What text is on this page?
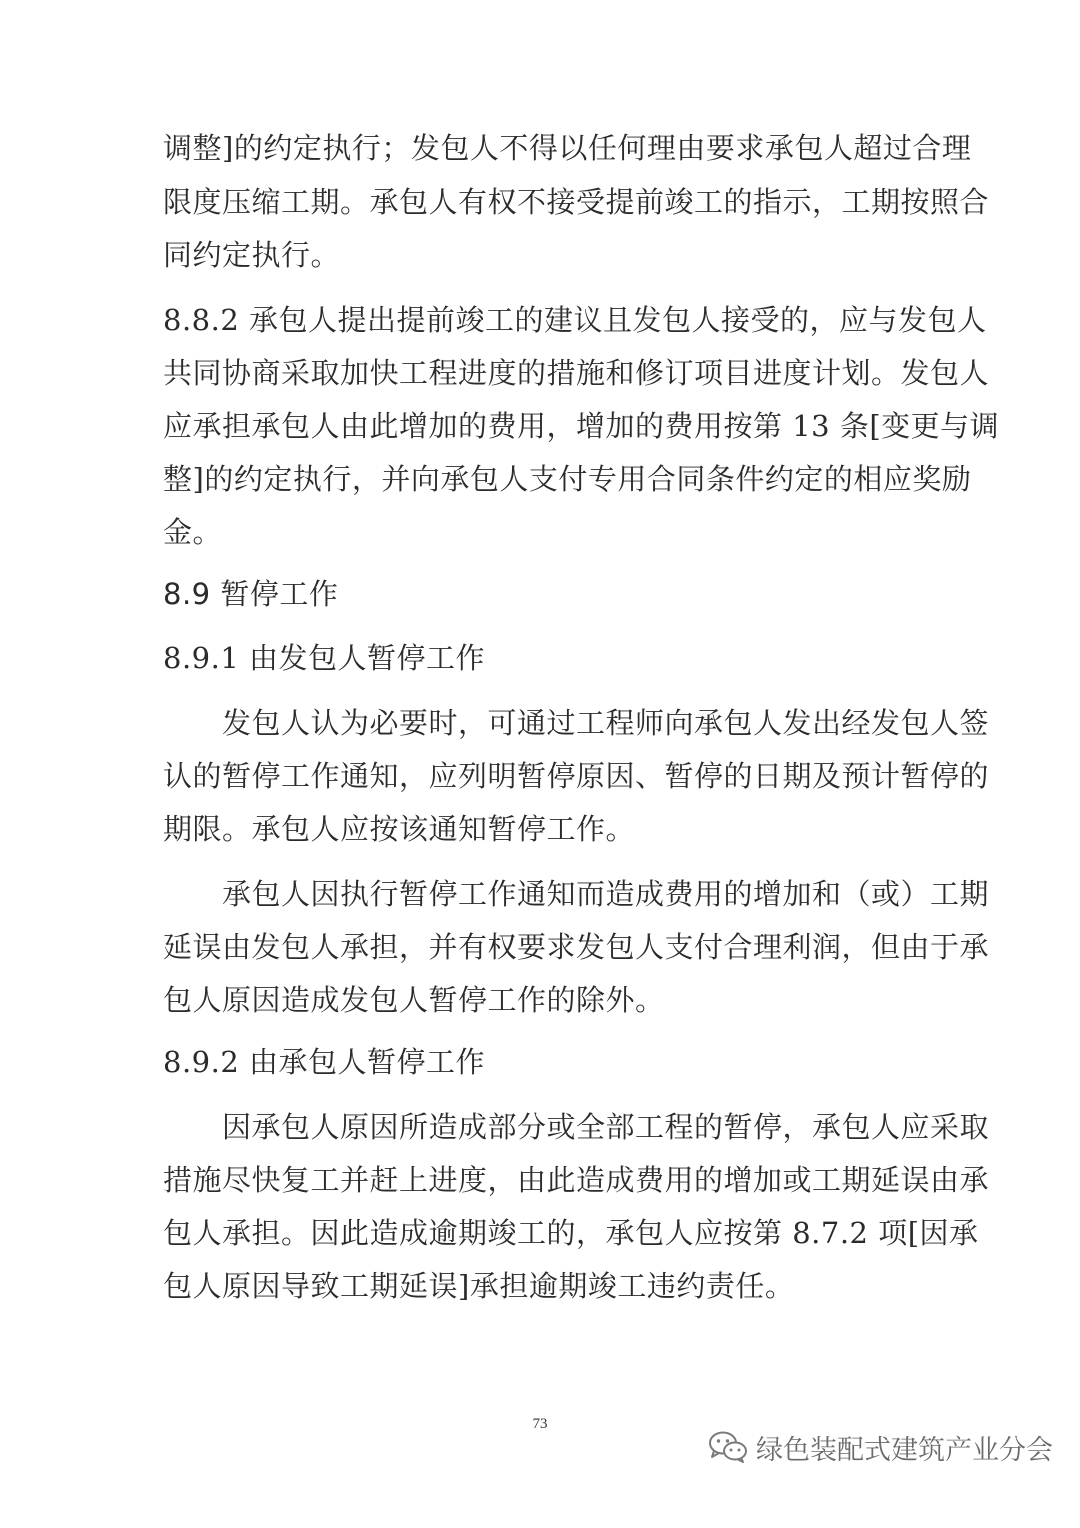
调整]的约定执行；发包人不得以任何理由要求承包人超过合理
限度压缩工期。承包人有权不接受提前竣工的指示，工期按照合
同约定执行。
8.8.2 承包人提出提前竣工的建议且发包人接受的，应与发包人
共同协商采取加快工程进度的措施和修订项目进度计划。发包人
应承担承包人由此增加的费用，增加的费用按第 13 条[变更与调
整]的约定执行，并向承包人支付专用合同条件约定的相应奖励
金。
8.9 暂停工作
8.9.1 由发包人暂停工作
发包人认为必要时，可通过工程师向承包人发出经发包人签
认的暂停工作通知，应列明暂停原因、暂停的日期及预计暂停的
期限。承包人应按该通知暂停工作。
承包人因执行暂停工作通知而造成费用的增加和（或）工期
延误由发包人承担，并有权要求发包人支付合理利润，但由于承
包人原因造成发包人暂停工作的除外。
8.9.2 由承包人暂停工作
因承包人原因所造成部分或全部工程的暂停，承包人应采取
措施尽快复工并赶上进度，由此造成费用的增加或工期延误由承
包人承担。因此造成逾期竣工的，承包人应按第 8.7.2 项[因承
包人原因导致工期延误]承担逾期竣工违约责任。
73
绿色装配式建筑产业分会
